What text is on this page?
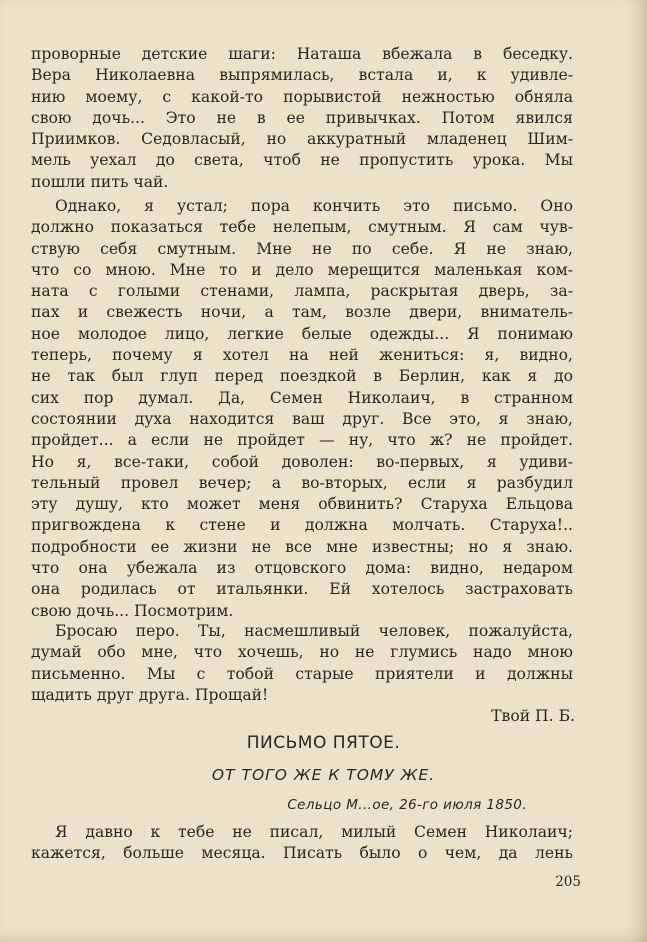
проворные детские шаги: Наташа вбежала в беседку.
Вера Николаевна выпрямилась, встала и, к удивле-
нию моему, с какой-то порывистой нежностью обняла
свою дочь... Это не в ее привычках. Потом явился
Приимков. Седовласый, но аккуратный младенец Шим-
мель уехал до света, чтоб не пропустить урока. Мы
пошли пить чай.
Однако, я устал; пора кончить это письмо. Оно
должно показаться тебе нелепым, смутным. Я сам чув-
ствую себя смутным. Мне не по себе. Я не знаю,
что со мною. Мне то и дело мерещится маленькая ком-
ната с голыми стенами, лампа, раскрытая дверь, за-
пах и свежесть ночи, а там, возле двери, вниматель-
ное молодое лицо, легкие белые одежды... Я понимаю
теперь, почему я хотел на ней жениться: я, видно,
не так был глуп перед поездкой в Берлин, как я до
сих пор думал. Да, Семен Николаич, в странном
состоянии духа находится ваш друг. Все это, я знаю,
пройдет... а если не пройдет — ну, что ж? не пройдет.
Но я, все-таки, собой доволен: во-первых, я удиви-
тельный провел вечер; а во-вторых, если я разбудил
эту душу, кто может меня обвинить? Старуха Ельцова
пригвождена к стене и должна молчать. Старуха!..
подробности ее жизни не все мне известны; но я знаю.
что она убежала из отцовского дома: видно, недаром
она родилась от итальянки. Ей хотелось застраховать
свою дочь... Посмотрим.
Бросаю перо. Ты, насмешливый человек, пожалуйста,
думай обо мне, что хочешь, но не глумись надо мною
письменно. Мы с тобой старые приятели и должны
щадить друг друга. Прощай!
Твой П. Б.
ПИСЬМО ПЯТОЕ.
ОТ ТОГО ЖЕ К ТОМУ ЖЕ.
Сельцо М...ое, 26-го июля 1850.
Я давно к тебе не писал, милый Семен Николаич;
кажется, больше месяца. Писать было о чем, да лень
205
